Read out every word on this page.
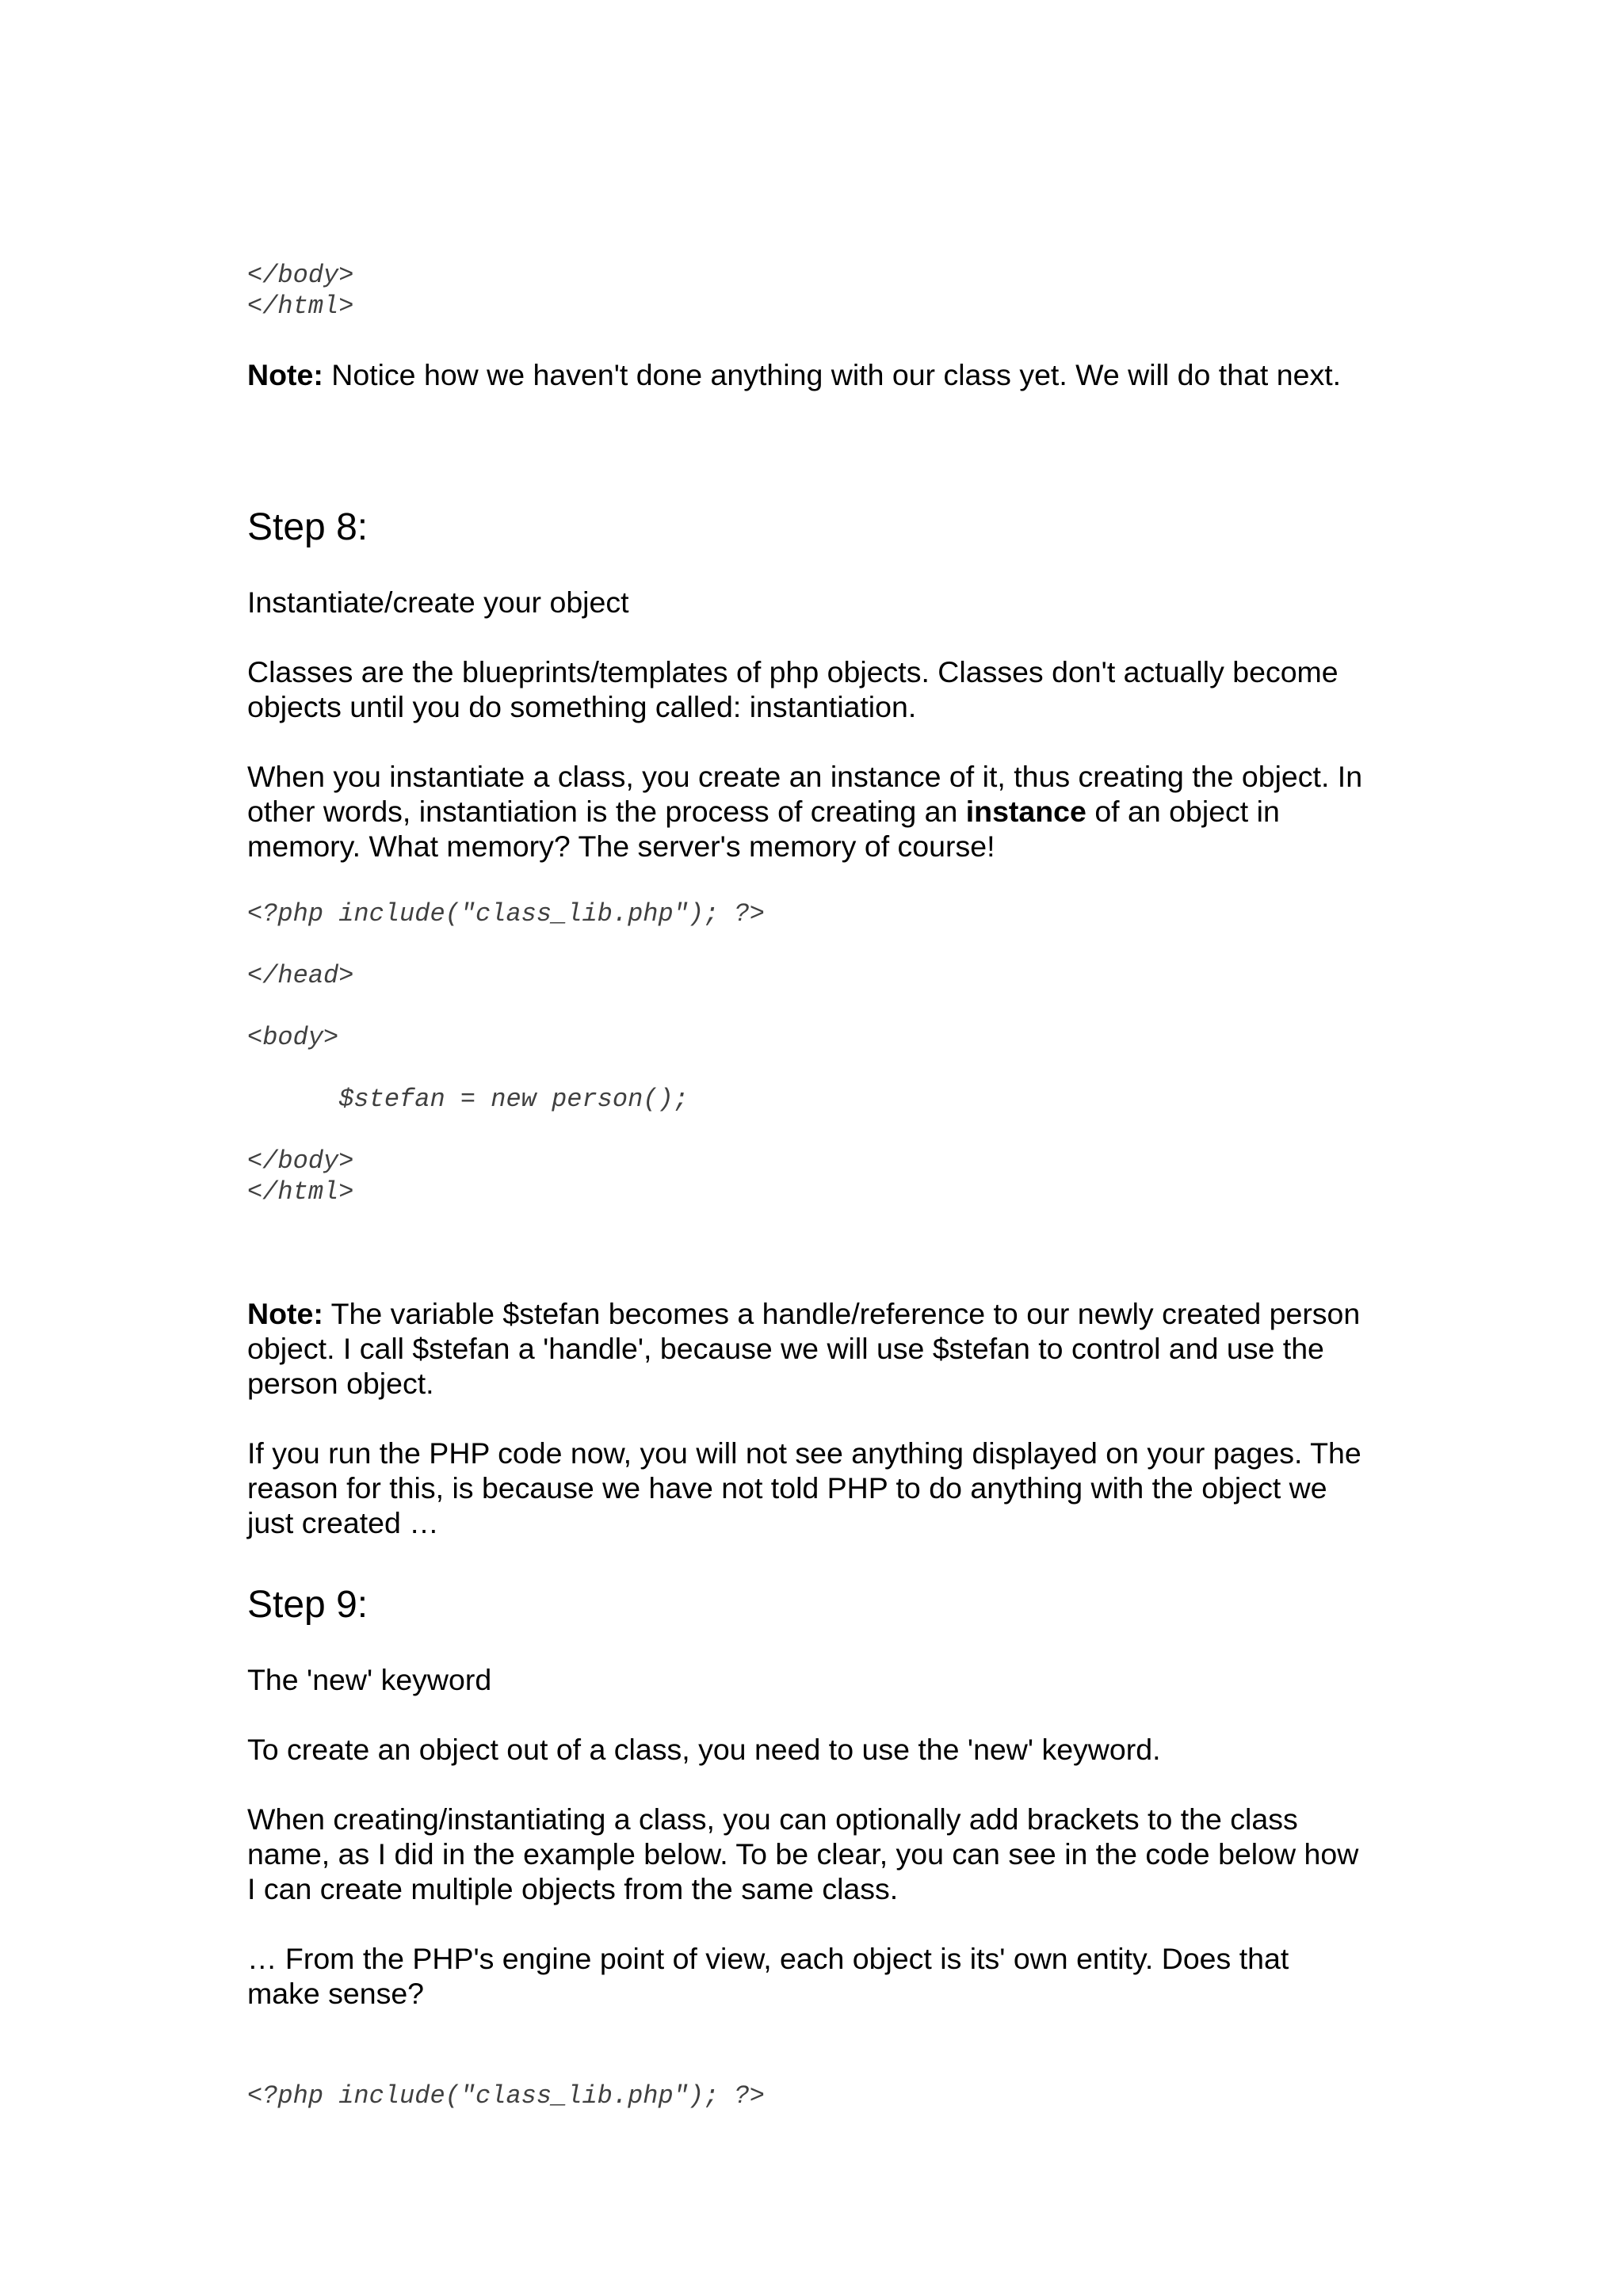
</body>
</html>
Note: Notice how we haven't done anything with our class yet. We will do that next.
Step 8:
Instantiate/create your object
Classes are the blueprints/templates of php objects. Classes don't actually become
objects until you do something called: instantiation.
When you instantiate a class, you create an instance of it, thus creating the object. In
other words, instantiation is the process of creating an instance of an object in
memory. What memory? The server's memory of course!
<?php include("class_lib.php"); ?>
</head>
<body>
$stefan = new person();
</body>
</html>
Note: The variable $stefan becomes a handle/reference to our newly created person
object. I call $stefan a 'handle', because we will use $stefan to control and use the
person object.
If you run the PHP code now, you will not see anything displayed on your pages. The
reason for this, is because we have not told PHP to do anything with the object we
just created …
Step 9:
The 'new' keyword
To create an object out of a class, you need to use the 'new' keyword.
When creating/instantiating a class, you can optionally add brackets to the class
name, as I did in the example below. To be clear, you can see in the code below how
I can create multiple objects from the same class.
… From the PHP's engine point of view, each object is its' own entity. Does that
make sense?
<?php include("class_lib.php"); ?>
